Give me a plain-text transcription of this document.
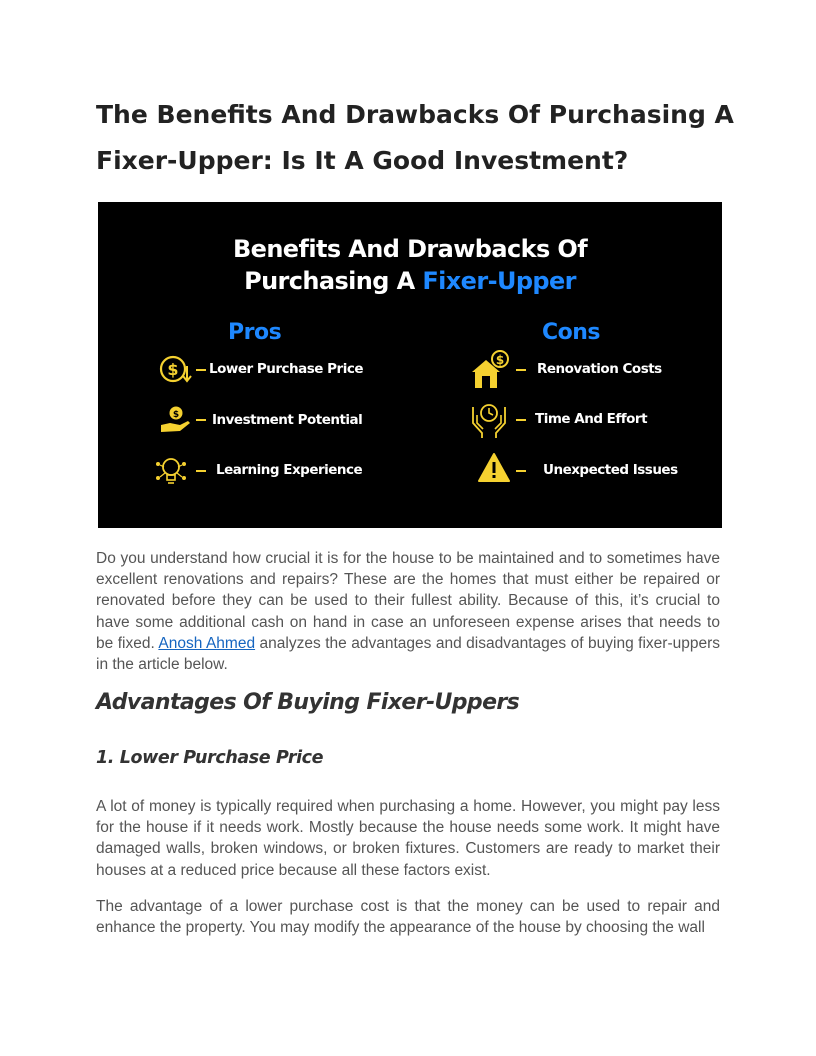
The Benefits And Drawbacks Of Purchasing A
Fixer-Upper: Is It A Good Investment?
Benefits And Drawbacks Of
Purchasing A Fixer-Upper
Pros	Cons
$ Lower Purchase Price
$ Investment Potential
Learning Experience
$
Renovation Costs
Time And Effort
Unexpected Issues
Do you understand how crucial it is for the house to be maintained and to sometimes have excellent renovations and repairs? These are the homes that must either be repaired or renovated before they can be used to their fullest ability. Because of this, it’s crucial to have some additional cash on hand in case an unforeseen expense arises that needs to be fixed. Anosh Ahmed analyzes the advantages and disadvantages of buying fixer-uppers in the article below.
Advantages Of Buying Fixer-Uppers
1. Lower Purchase Price
A lot of money is typically required when purchasing a home. However, you might pay less for the house if it needs work. Mostly because the house needs some work. It might have damaged walls, broken windows, or broken fixtures. Customers are ready to market their houses at a reduced price because all these factors exist.
The advantage of a lower purchase cost is that the money can be used to repair and enhance the property. You may modify the appearance of the house by choosing the wall
